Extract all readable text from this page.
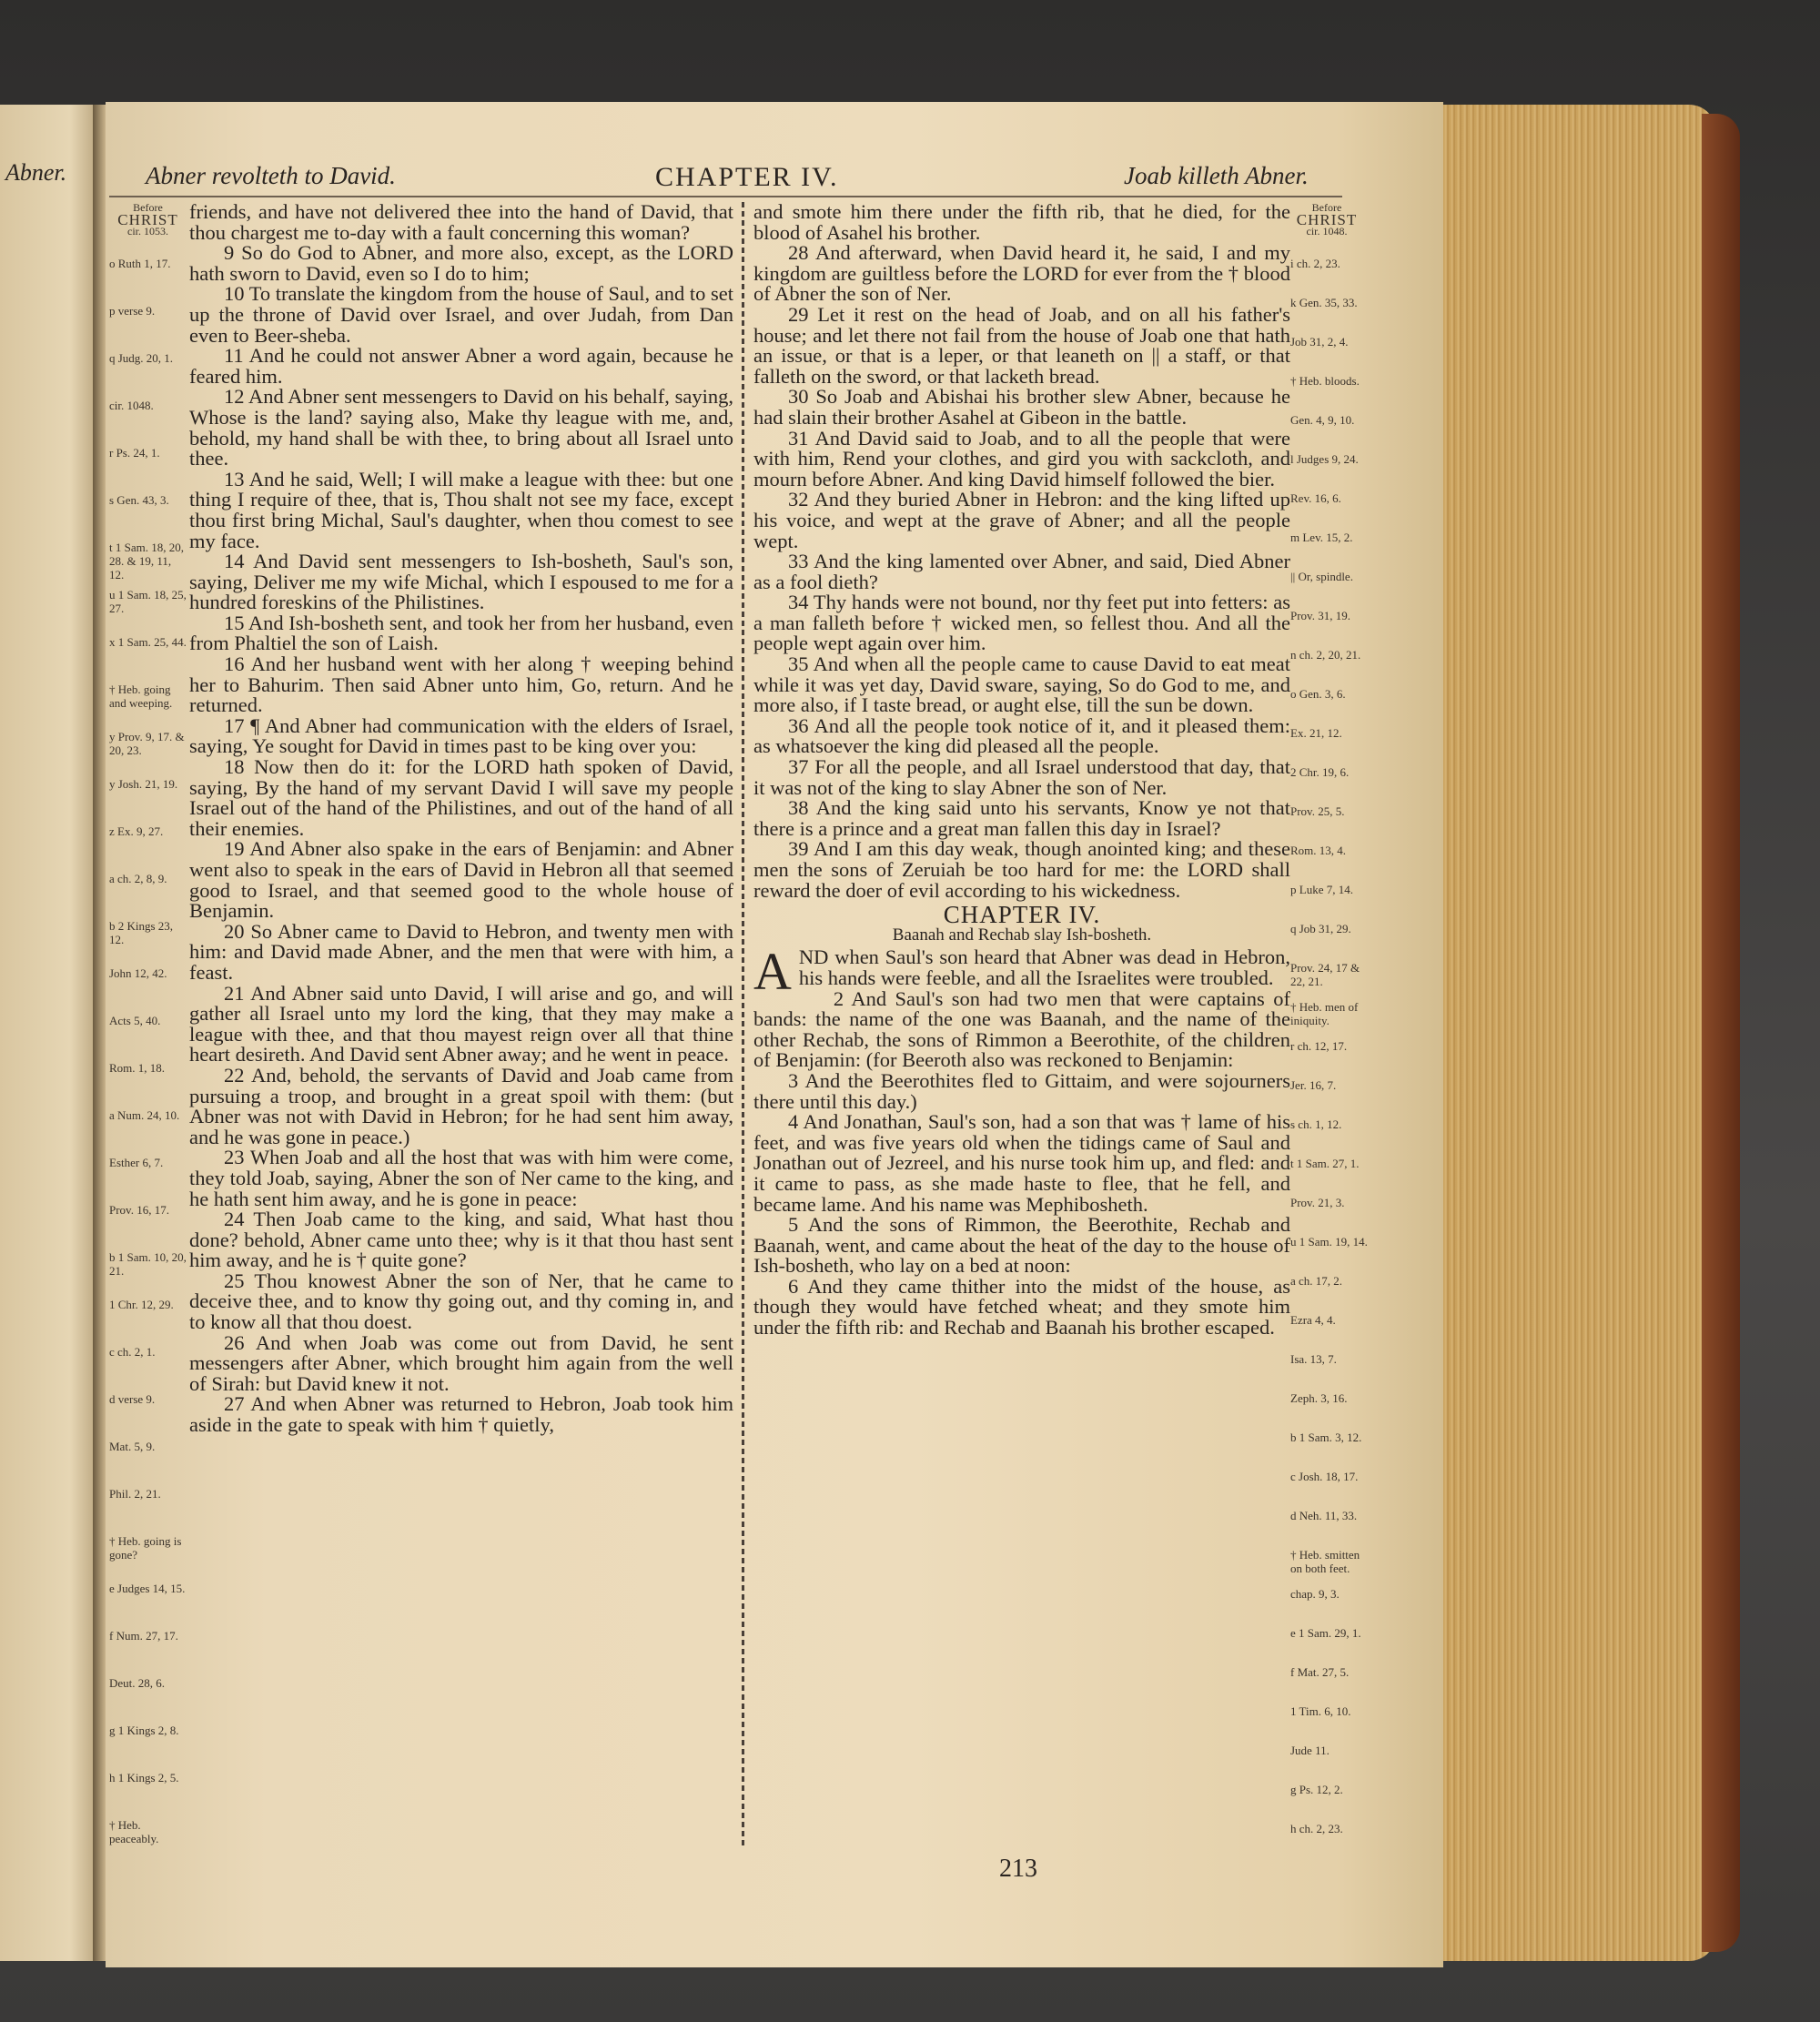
Abner.	Abner revolteth to David.	CHAPTER IV.	Joab killeth Abner.
Before
CHRIST
cir. 1053.
o Ruth 1, 17.
p verse 9.
q Judg. 20, 1.
cir. 1048.
r Ps. 24, 1.
s Gen. 43, 3.
t 1 Sam. 18, 20, 28. & 19, 11, 12.
u 1 Sam. 18, 25, 27.
x 1 Sam. 25, 44.
† Heb. going and weeping.
y Prov. 9, 17. & 20, 23.
y Josh. 21, 19.
z Ex. 9, 27.
a ch. 2, 8, 9.
b 2 Kings 23, 12.
John 12, 42.
Acts 5, 40.
Rom. 1, 18.
a Num. 24, 10.
Esther 6, 7.
Prov. 16, 17.
b 1 Sam. 10, 20, 21.
1 Chr. 12, 29.
c ch. 2, 1.
d verse 9.
Mat. 5, 9.
Phil. 2, 21.
† Heb. going is gone?
e Judges 14, 15.
f Num. 27, 17.
Deut. 28, 6.
g 1 Kings 2, 8.
h 1 Kings 2, 5.
† Heb. peaceably.
Before
CHRIST
cir. 1048.
i ch. 2, 23.
k Gen. 35, 33.
Job 31, 2, 4.
† Heb. bloods.
Gen. 4, 9, 10.
l Judges 9, 24.
Rev. 16, 6.
m Lev. 15, 2.
|| Or, spindle.
Prov. 31, 19.
n ch. 2, 20, 21.
o Gen. 3, 6.
Ex. 21, 12.
2 Chr. 19, 6.
Prov. 25, 5.
Rom. 13, 4.
p Luke 7, 14.
q Job 31, 29.
Prov. 24, 17 & 22, 21.
† Heb. men of iniquity.
r ch. 12, 17.
Jer. 16, 7.
s ch. 1, 12.
t 1 Sam. 27, 1.
Prov. 21, 3.
u 1 Sam. 19, 14.
a ch. 17, 2.
Ezra 4, 4.
Isa. 13, 7.
Zeph. 3, 16.
b 1 Sam. 3, 12.
c Josh. 18, 17.
d Neh. 11, 33.
† Heb. smitten on both feet.
chap. 9, 3.
e 1 Sam. 29, 1.
f Mat. 27, 5.
1 Tim. 6, 10.
Jude 11.
g Ps. 12, 2.
h ch. 2, 23.

friends, and have not delivered thee into the hand of David, that thou chargest me to-day with a fault concerning this woman?

9 So do God to Abner, and more also, except, as the LORD hath sworn to David, even so I do to him;

10 To translate the kingdom from the house of Saul, and to set up the throne of David over Israel, and over Judah, from Dan even to Beer-sheba.

11 And he could not answer Abner a word again, because he feared him.

12 And Abner sent messengers to David on his behalf, saying, Whose is the land? saying also, Make thy league with me, and, behold, my hand shall be with thee, to bring about all Israel unto thee.

13 And he said, Well; I will make a league with thee: but one thing I require of thee, that is, Thou shalt not see my face, except thou first bring Michal, Saul's daughter, when thou comest to see my face.

14 And David sent messengers to Ish-bosheth, Saul's son, saying, Deliver me my wife Michal, which I espoused to me for a hundred foreskins of the Philistines.

15 And Ish-bosheth sent, and took her from her husband, even from Phaltiel the son of Laish.

16 And her husband went with her along † weeping behind her to Bahurim. Then said Abner unto him, Go, return. And he returned.

17 ¶ And Abner had communication with the elders of Israel, saying, Ye sought for David in times past to be king over you:

18 Now then do it: for the LORD hath spoken of David, saying, By the hand of my servant David I will save my people Israel out of the hand of the Philistines, and out of the hand of all their enemies.

19 And Abner also spake in the ears of Benjamin: and Abner went also to speak in the ears of David in Hebron all that seemed good to Israel, and that seemed good to the whole house of Benjamin.

20 So Abner came to David to Hebron, and twenty men with him: and David made Abner, and the men that were with him, a feast.

21 And Abner said unto David, I will arise and go, and will gather all Israel unto my lord the king, that they may make a league with thee, and that thou mayest reign over all that thine heart desireth. And David sent Abner away; and he went in peace.

22 And, behold, the servants of David and Joab came from pursuing a troop, and brought in a great spoil with them: (but Abner was not with David in Hebron; for he had sent him away, and he was gone in peace.)

23 When Joab and all the host that was with him were come, they told Joab, saying, Abner the son of Ner came to the king, and he hath sent him away, and he is gone in peace:

24 Then Joab came to the king, and said, What hast thou done? behold, Abner came unto thee; why is it that thou hast sent him away, and he is † quite gone?

25 Thou knowest Abner the son of Ner, that he came to deceive thee, and to know thy going out, and thy coming in, and to know all that thou doest.

26 And when Joab was come out from David, he sent messengers after Abner, which brought him again from the well of Sirah: but David knew it not.

27 And when Abner was returned to Hebron, Joab took him aside in the gate to speak with him † quietly,

and smote him there under the fifth rib, that he died, for the blood of Asahel his brother.

28 And afterward, when David heard it, he said, I and my kingdom are guiltless before the LORD for ever from the † blood of Abner the son of Ner.

29 Let it rest on the head of Joab, and on all his father's house; and let there not fail from the house of Joab one that hath an issue, or that is a leper, or that leaneth on || a staff, or that falleth on the sword, or that lacketh bread.

30 So Joab and Abishai his brother slew Abner, because he had slain their brother Asahel at Gibeon in the battle.

31 And David said to Joab, and to all the people that were with him, Rend your clothes, and gird you with sackcloth, and mourn before Abner. And king David himself followed the bier.

32 And they buried Abner in Hebron: and the king lifted up his voice, and wept at the grave of Abner; and all the people wept.

33 And the king lamented over Abner, and said, Died Abner as a fool dieth?

34 Thy hands were not bound, nor thy feet put into fetters: as a man falleth before † wicked men, so fellest thou. And all the people wept again over him.

35 And when all the people came to cause David to eat meat while it was yet day, David sware, saying, So do God to me, and more also, if I taste bread, or aught else, till the sun be down.

36 And all the people took notice of it, and it pleased them: as whatsoever the king did pleased all the people.

37 For all the people, and all Israel understood that day, that it was not of the king to slay Abner the son of Ner.

38 And the king said unto his servants, Know ye not that there is a prince and a great man fallen this day in Israel?

39 And I am this day weak, though anointed king; and these men the sons of Zeruiah be too hard for me: the LORD shall reward the doer of evil according to his wickedness.

CHAPTER IV.
Baanah and Rechab slay Ish-bosheth.

AND when Saul's son heard that Abner was dead in Hebron, his hands were feeble, and all the Israelites were troubled.

2 And Saul's son had two men that were captains of bands: the name of the one was Baanah, and the name of the other Rechab, the sons of Rimmon a Beerothite, of the children of Benjamin: (for Beeroth also was reckoned to Benjamin:

3 And the Beerothites fled to Gittaim, and were sojourners there until this day.)

4 And Jonathan, Saul's son, had a son that was † lame of his feet, and was five years old when the tidings came of Saul and Jonathan out of Jezreel, and his nurse took him up, and fled: and it came to pass, as she made haste to flee, that he fell, and became lame. And his name was Mephibosheth.

5 And the sons of Rimmon, the Beerothite, Rechab and Baanah, went, and came about the heat of the day to the house of Ish-bosheth, who lay on a bed at noon:

6 And they came thither into the midst of the house, as though they would have fetched wheat; and they smote him under the fifth rib: and Rechab and Baanah his brother escaped.

213
